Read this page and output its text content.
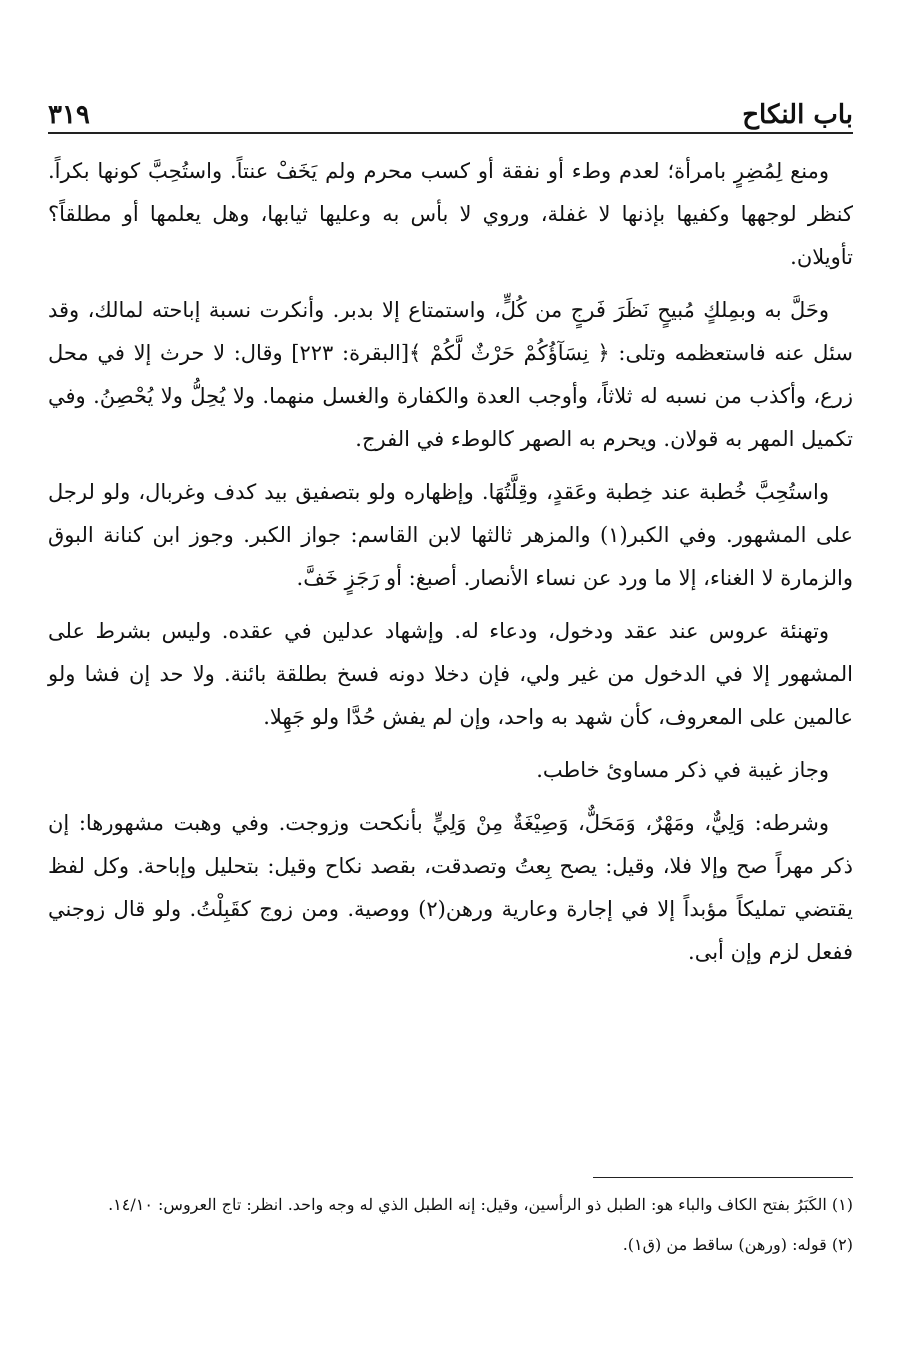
باب النكاح
٣١٩

ومنع لِمُضِرٍ بامرأة؛ لعدم وطء أو نفقة أو كسب محرم ولم يَخَفْ عنتاً. واستُحِبَّ كونها بكراً. كنظر لوجهها وكفيها بإذنها لا غفلة، وروي لا بأس به وعليها ثيابها، وهل يعلمها أو مطلقاً؟ تأويلان.

وحَلَّ به وبمِلكٍ مُبيحٍ نَظَرَ فَرجٍ من كُلٍّ، واستمتاع إلا بدبر. وأنكرت نسبة إباحته لمالك، وقد سئل عنه فاستعظمه وتلى: ﴿ نِسَآؤُكُمْ حَرْثٌ لَّكُمْ ﴾[البقرة: ٢٢٣] وقال: لا حرث إلا في محل زرع، وأكذب من نسبه له ثلاثاً، وأوجب العدة والكفارة والغسل منهما. ولا يُحِلُّ ولا يُحْصِنُ. وفي تكميل المهر به قولان. ويحرم به الصهر كالوطء في الفرج.

واستُحِبَّ خُطبة عند خِطبة وعَقدٍ، وقِلَّتُهَا. وإظهاره ولو بتصفيق بيد كدف وغربال، ولو لرجل على المشهور. وفي الكبر(١) والمزهر ثالثها لابن القاسم: جواز الكبر. وجوز ابن كنانة البوق والزمارة لا الغناء، إلا ما ورد عن نساء الأنصار. أصبغ: أو رَجَزٍ خَفَّ.

وتهنئة عروس عند عقد ودخول، ودعاء له. وإشهاد عدلين في عقده. وليس بشرط على المشهور إلا في الدخول من غير ولي، فإن دخلا دونه فسخ بطلقة بائنة. ولا حد إن فشا ولو عالمين على المعروف، كأن شهد به واحد، وإن لم يفش حُدَّا ولو جَهِلا.

وجاز غيبة في ذكر مساوئ خاطب.

وشرطه: وَلِيٌّ، ومَهْرٌ، وَمَحَلٌّ، وَصِيْغَةٌ مِنْ وَلِيٍّ بأنكحت وزوجت. وفي وهبت مشهورها: إن ذكر مهراً صح وإلا فلا، وقيل: يصح بِعتُ وتصدقت، بقصد نكاح وقيل: بتحليل وإباحة. وكل لفظ يقتضي تمليكاً مؤبداً إلا في إجارة وعارية ورهن(٢) ووصية. ومن زوج كقَبِلْتُ. ولو قال زوجني ففعل لزم وإن أبى.

(١) الكَبَرُ بفتح الكاف والباء هو: الطبل ذو الرأسين، وقيل: إنه الطبل الذي له وجه واحد. انظر: تاج العروس: ١٤/١٠.

(٢) قوله: (ورهن) ساقط من (ق١).
